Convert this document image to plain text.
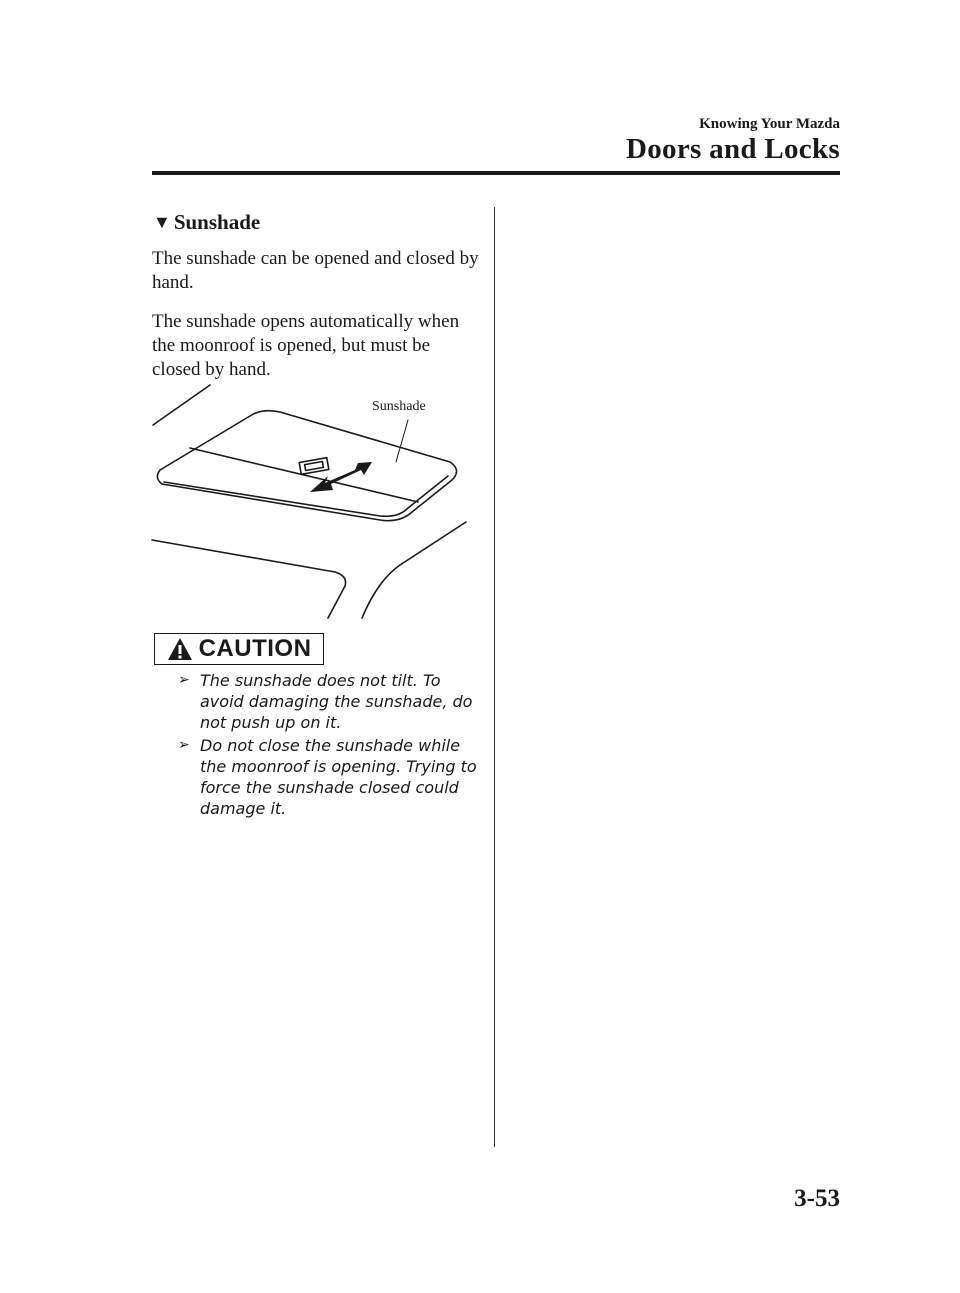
Knowing Your Mazda
Doors and Locks
▼ Sunshade
The sunshade can be opened and closed by hand.
The sunshade opens automatically when the moonroof is opened, but must be closed by hand.
Sunshade
CAUTION
➢ The sunshade does not tilt. To avoid damaging the sunshade, do not push up on it.
➢ Do not close the sunshade while the moonroof is opening. Trying to force the sunshade closed could damage it.
3-53
